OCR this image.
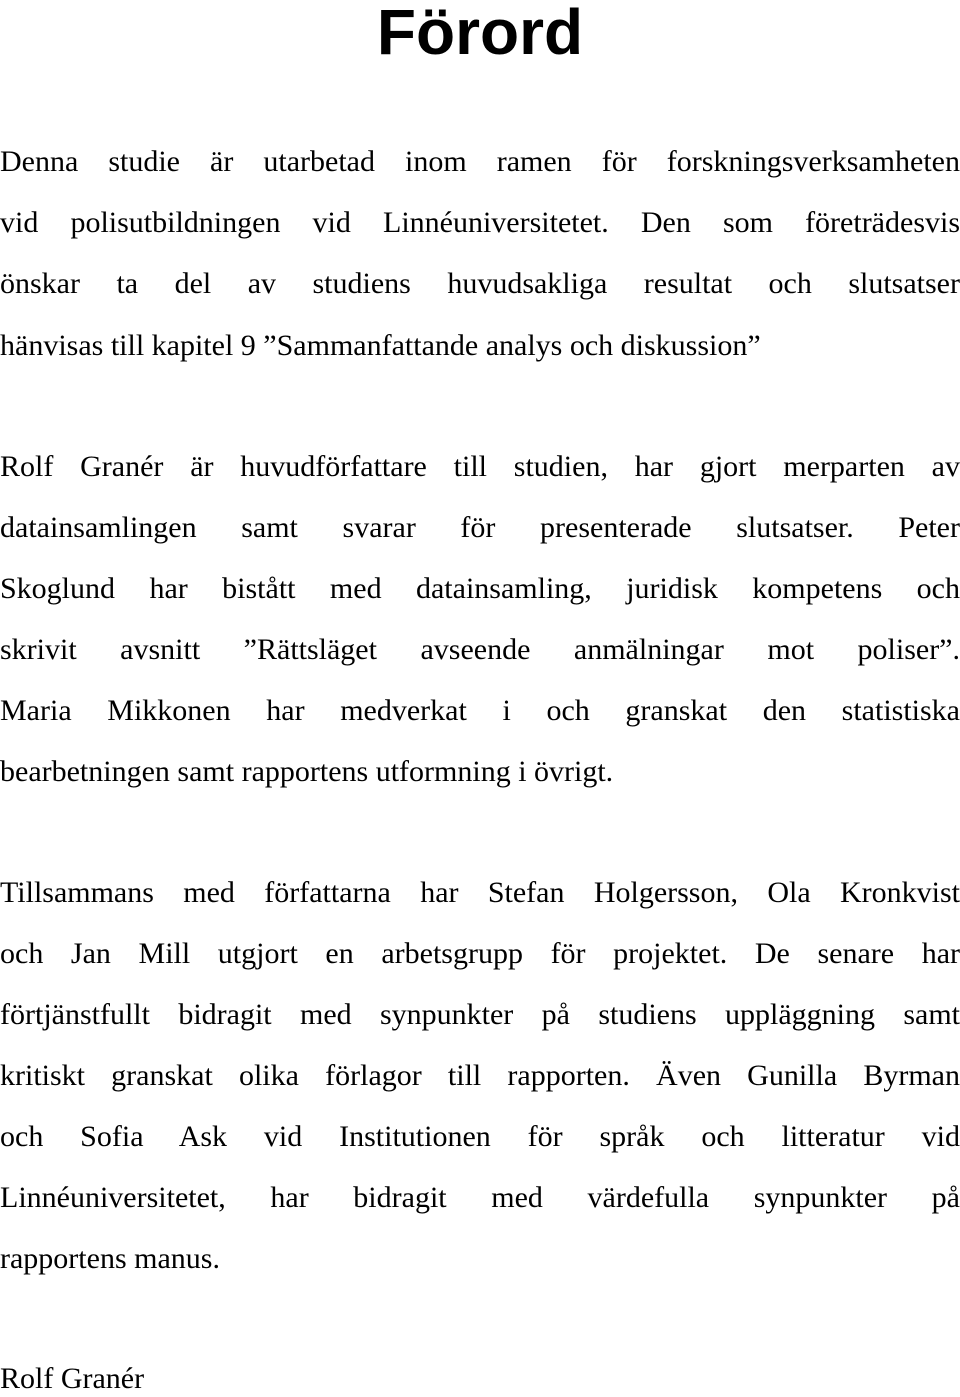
Förord
Denna studie är utarbetad inom ramen för forskningsverksamheten
vid polisutbildningen vid Linnéuniversitetet. Den som företrädesvis
önskar ta del av studiens huvudsakliga resultat och slutsatser
hänvisas till kapitel 9 ”Sammanfattande analys och diskussion”
Rolf Granér är huvudförfattare till studien, har gjort merparten av
datainsamlingen samt svarar för presenterade slutsatser. Peter
Skoglund har bistått med datainsamling, juridisk kompetens och
skrivit avsnitt ”Rättsläget avseende anmälningar mot poliser”.
Maria Mikkonen har medverkat i och granskat den statistiska
bearbetningen samt rapportens utformning i övrigt.
Tillsammans med författarna har Stefan Holgersson, Ola Kronkvist
och Jan Mill utgjort en arbetsgrupp för projektet. De senare har
förtjänstfullt bidragit med synpunkter på studiens uppläggning samt
kritiskt granskat olika förlagor till rapporten. Även Gunilla Byrman
och Sofia Ask vid Institutionen för språk och litteratur vid
Linnéuniversitetet, har bidragit med värdefulla synpunkter på
rapportens manus.
Rolf Granér
